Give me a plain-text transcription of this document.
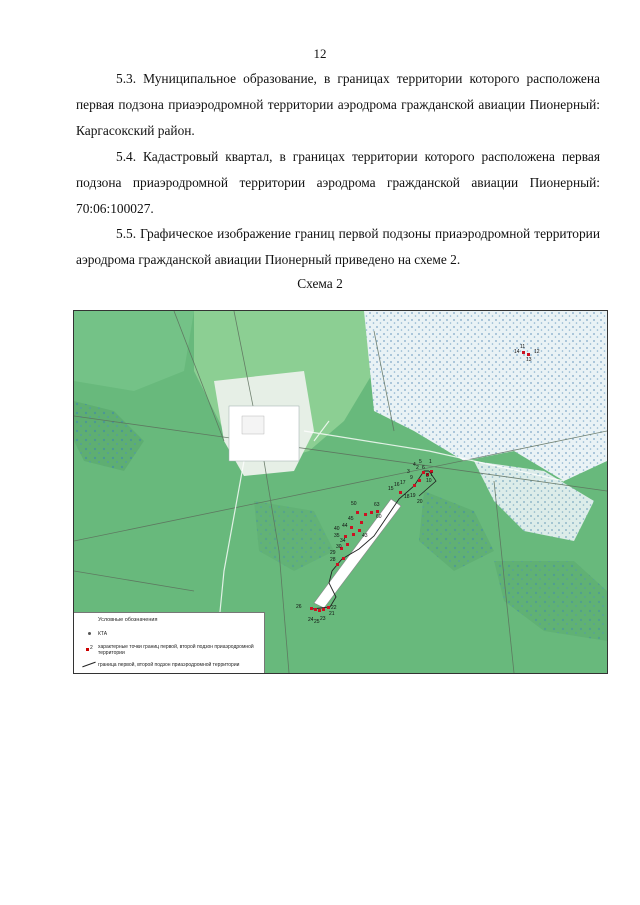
12

5.3. Муниципальное образование, в границах территории которого расположена первая подзона приаэродромной территории аэродрома гражданской авиации Пионерный: Каргасокский район.

5.4. Кадастровый квартал, в границах территории которого расположена первая подзона приаэродромной территории аэродрома гражданской авиации Пионерный: 70:06:100027.

5.5. Графическое изображение границ первой подзоны приаэродромной территории аэродрома гражданской авиации Пионерный приведено на схеме 2.

Схема 2
26
24 25 23
21
22
28
29
30
34
35
40 44
43
45
50	63
60
15
16 17
18 19
20
9
3
4 5 1
10
2 6
7
8
14	12
13
11
Условные обозначения
КТА
2 характерные точки границ первой, второй подзон приаэродромной территории
граница первой, второй подзон приаэродромной территории
